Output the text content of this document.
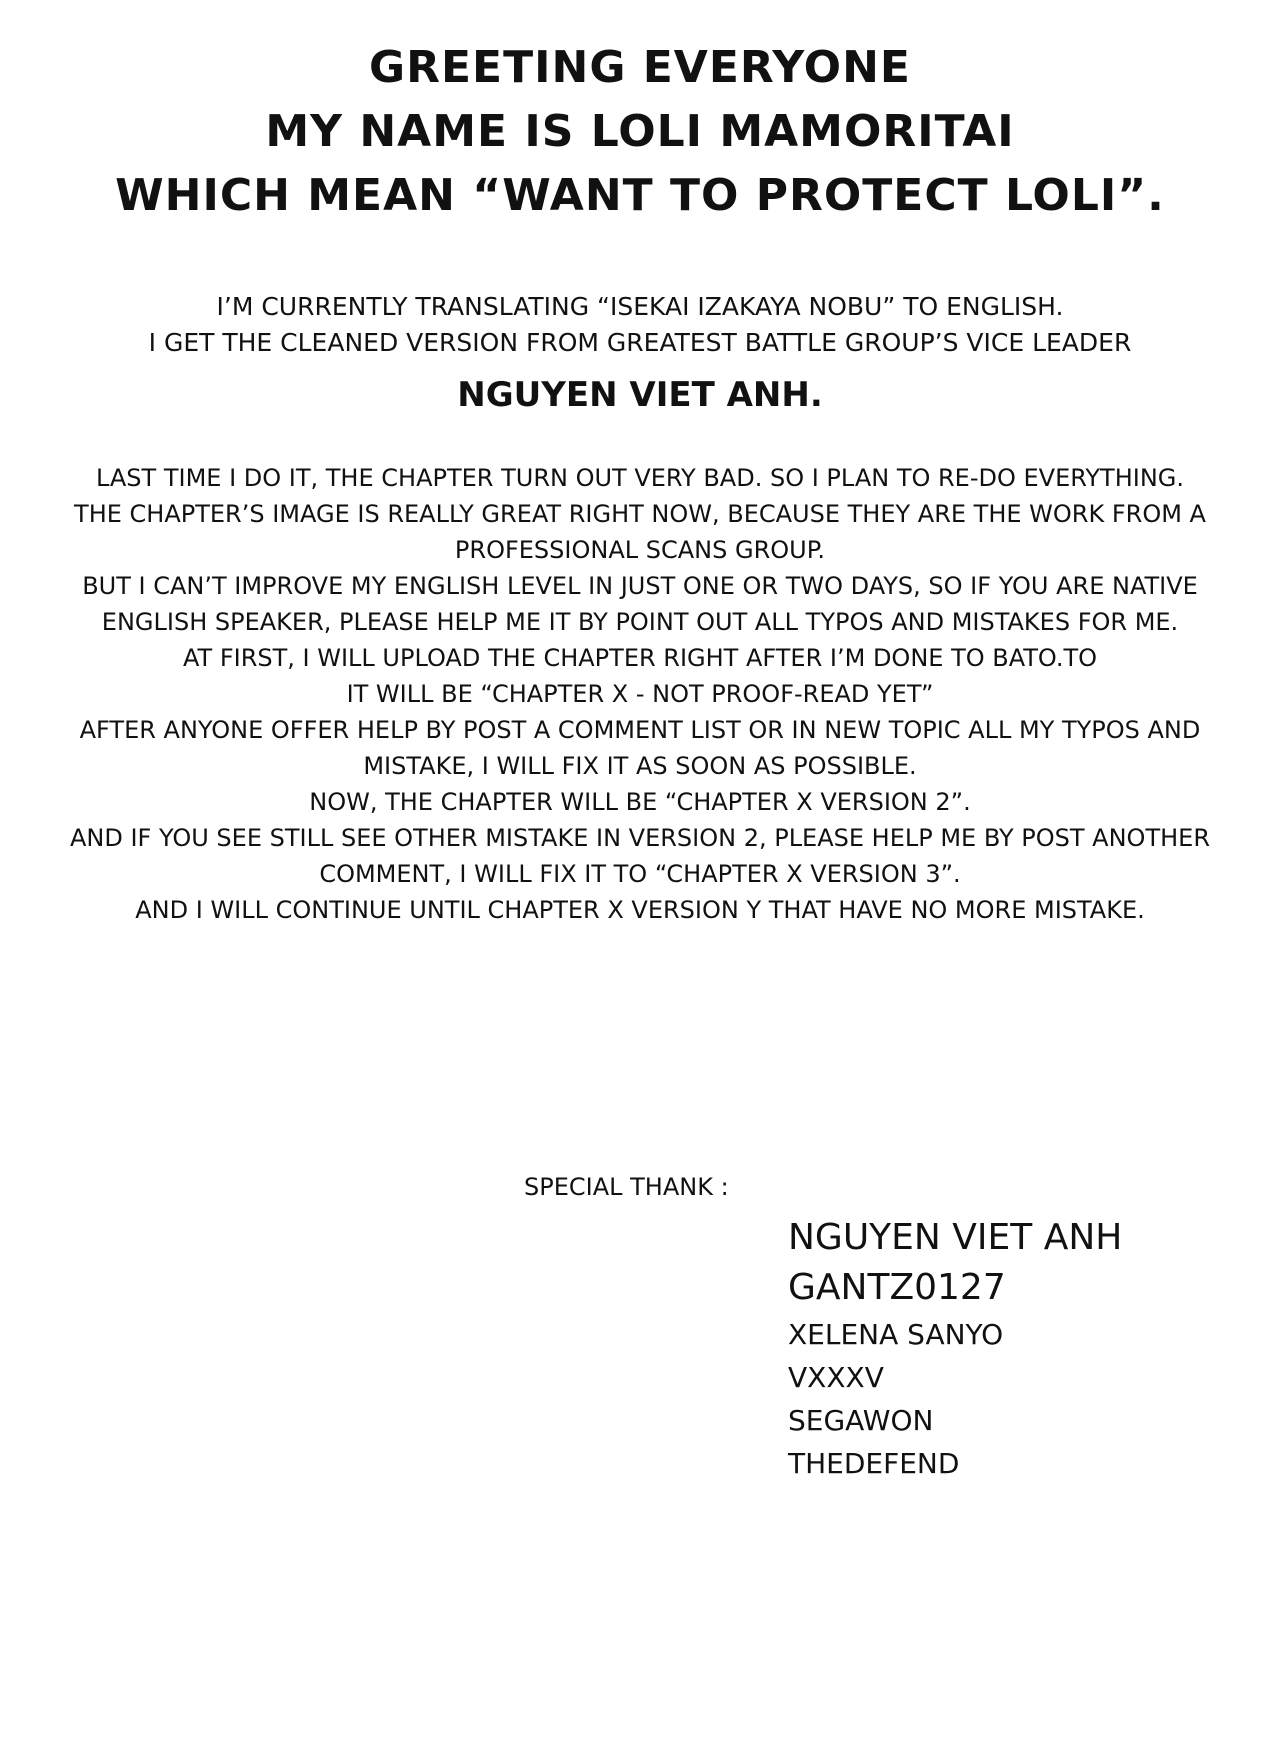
GREETING EVERYONE
MY NAME IS LOLI MAMORITAI
WHICH MEAN “WANT TO PROTECT LOLI”.
I’M CURRENTLY TRANSLATING “ISEKAI IZAKAYA NOBU” TO ENGLISH.
I GET THE CLEANED VERSION FROM GREATEST BATTLE GROUP’S VICE LEADER
NGUYEN VIET ANH.
LAST TIME I DO IT, THE CHAPTER TURN OUT VERY BAD. SO I PLAN TO RE-DO EVERYTHING.
THE CHAPTER’S IMAGE IS REALLY GREAT RIGHT NOW, BECAUSE THEY ARE THE WORK FROM A
PROFESSIONAL SCANS GROUP.
BUT I CAN’T IMPROVE MY ENGLISH LEVEL IN JUST ONE OR TWO DAYS, SO IF YOU ARE NATIVE
ENGLISH SPEAKER, PLEASE HELP ME IT BY POINT OUT ALL TYPOS AND MISTAKES FOR ME.
AT FIRST, I WILL UPLOAD THE CHAPTER RIGHT AFTER I’M DONE TO BATO.TO
IT WILL BE “CHAPTER X - NOT PROOF-READ YET”
AFTER ANYONE OFFER HELP BY POST A COMMENT LIST OR IN NEW TOPIC ALL MY TYPOS AND
MISTAKE, I WILL FIX IT AS SOON AS POSSIBLE.
NOW, THE CHAPTER WILL BE “CHAPTER X VERSION 2”.
AND IF YOU SEE STILL SEE OTHER MISTAKE IN VERSION 2, PLEASE HELP ME BY POST ANOTHER
COMMENT, I WILL FIX IT TO “CHAPTER X VERSION 3”.
AND I WILL CONTINUE UNTIL CHAPTER X VERSION Y THAT HAVE NO MORE MISTAKE.
SPECIAL THANK :
NGUYEN VIET ANH
GANTZ0127
XELENA SANYO
VXXXV
SEGAWON
THEDEFEND
